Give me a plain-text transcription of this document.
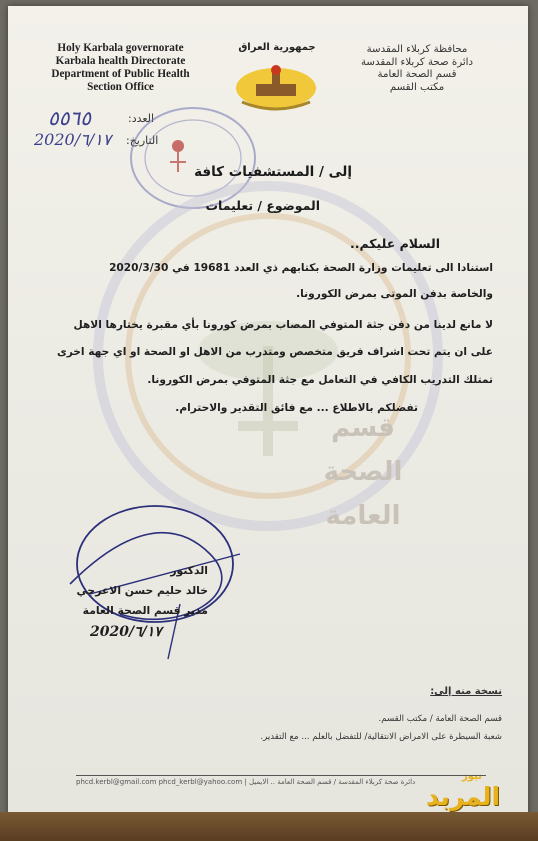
Holy Karbala governorate
Karbala health Directorate
Department of Public Health
Section Office
جمهورية العراق	محافظة كربلاء المقدسة
دائرة صحة كربلاء المقدسة
قسم الصحة العامة
مكتب القسم
العدد:
٥٥٦٥
التاريخ:
2020/٦/١٧
إلى / المستشفيات كافة
الموضوع / تعليمات
السلام عليكم..
استنادا الى تعليمات وزارة الصحة بكتابهم ذي العدد 19681 في 2020/3/30
والخاصة بدفن الموتى بمرض الكورونا.
لا مانع لدينا من دفن جثة المتوفي المصاب بمرض كورونا بأي مقبرة يختارها الاهل
على ان يتم تحت اشراف فريق متخصص ومتدرب من الاهل او الصحة او اي جهة اخرى
تمتلك التدريب الكافي في التعامل مع جثة المتوفي بمرض الكورونا.
تفضلكم بالاطلاع ... مع فائق التقدير والاحترام.
قسم
الصحة
العامة
الدكتور
خالد حليم حسن الاعرجي
مدير قسم الصحة العامة
2020/٦/١٧
نسخة منه إلى:
قسم الصحة العامة / مكتب القسم.
شعبة السيطرة على الامراض الانتقالية/ للتفضل بالعلم ... مع التقدير.
phcd.kerbl@gmail.com phcd_kerbl@yahoo.com | دائرة صحة كربلاء المقدسة / قسم الصحة العامة .. الايميل	نيوز
المربد
